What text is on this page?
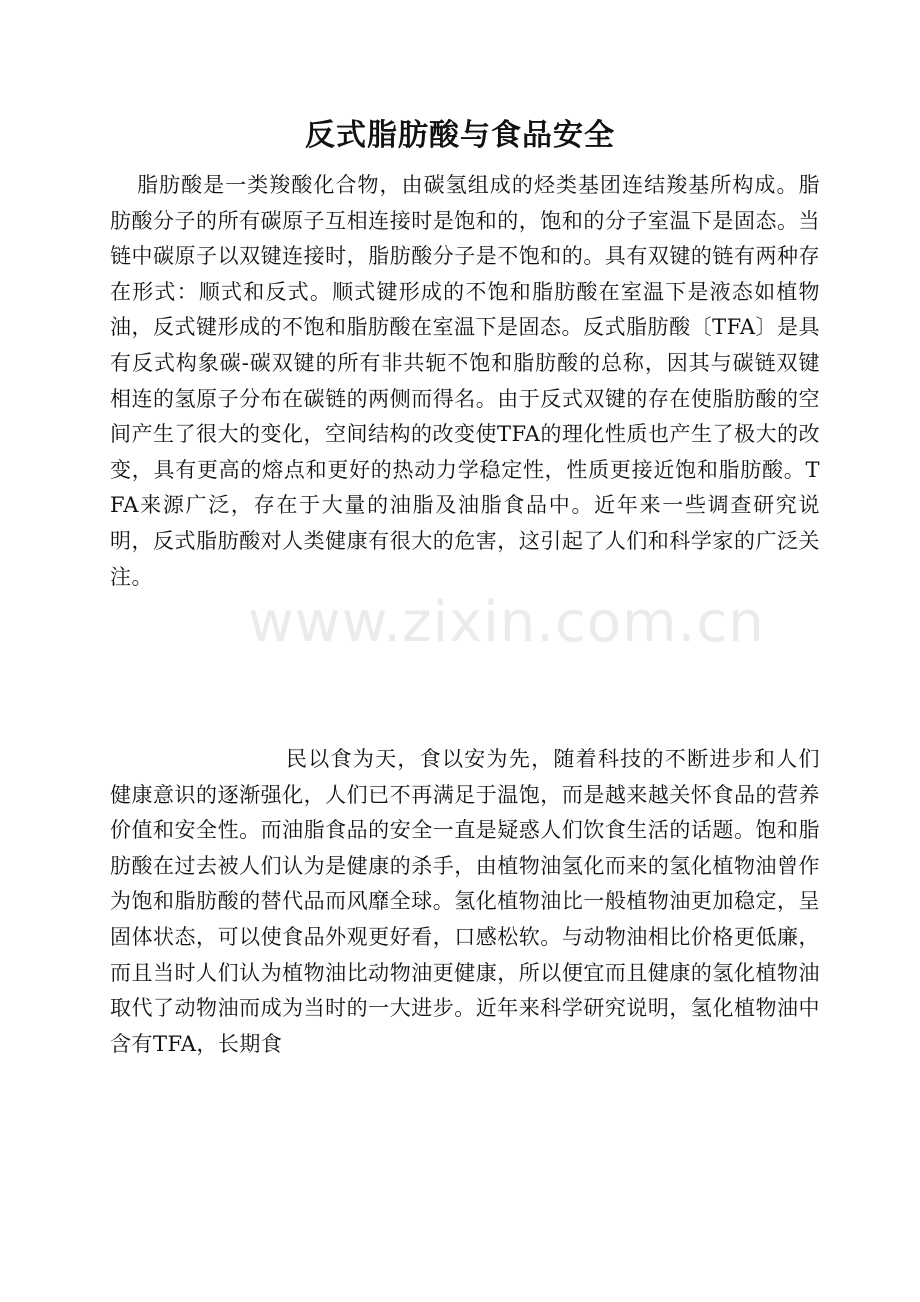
反式脂肪酸与食品安全
脂肪酸是一类羧酸化合物，由碳氢组成的烃类基团连结羧基所构成。脂肪酸分子的所有碳原子互相连接时是饱和的，饱和的分子室温下是固态。当链中碳原子以双键连接时，脂肪酸分子是不饱和的。具有双键的链有两种存在形式：顺式和反式。顺式键形成的不饱和脂肪酸在室温下是液态如植物油，反式键形成的不饱和脂肪酸在室温下是固态。反式脂肪酸〔TFA〕是具有反式构象碳-碳双键的所有非共轭不饱和脂肪酸的总称，因其与碳链双键相连的氢原子分布在碳链的两侧而得名。由于反式双键的存在使脂肪酸的空间产生了很大的变化，空间结构的改变使TFA的理化性质也产生了极大的改变，具有更高的熔点和更好的热动力学稳定性，性质更接近饱和脂肪酸。TFA来源广泛，存在于大量的油脂及油脂食品中。近年来一些调查研究说明，反式脂肪酸对人类健康有很大的危害，这引起了人们和科学家的广泛关注。
www.zixin.com.cn
民以食为天，食以安为先，随着科技的不断进步和人们健康意识的逐渐强化，人们已不再满足于温饱，而是越来越关怀食品的营养价值和安全性。而油脂食品的安全一直是疑惑人们饮食生活的话题。饱和脂肪酸在过去被人们认为是健康的杀手，由植物油氢化而来的氢化植物油曾作为饱和脂肪酸的替代品而风靡全球。氢化植物油比一般植物油更加稳定，呈固体状态，可以使食品外观更好看，口感松软。与动物油相比价格更低廉，而且当时人们认为植物油比动物油更健康，所以便宜而且健康的氢化植物油取代了动物油而成为当时的一大进步。近年来科学研究说明，氢化植物油中含有TFA，长期食
